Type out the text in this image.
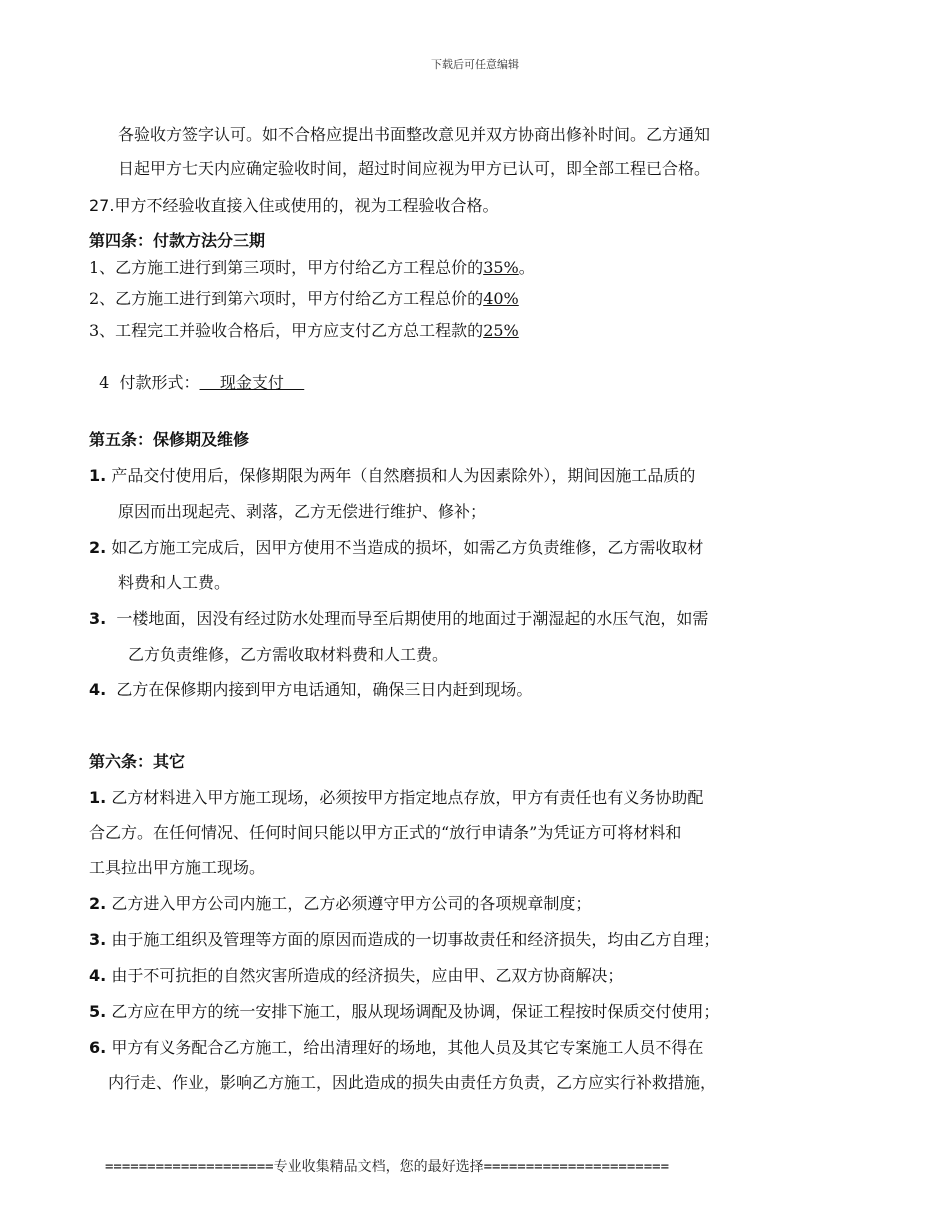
下载后可任意编辑
各验收方签字认可。如不合格应提出书面整改意见并双方协商出修补时间。乙方通知
日起甲方七天内应确定验收时间，超过时间应视为甲方已认可，即全部工程已合格。
27.甲方不经验收直接入住或使用的，视为工程验收合格。
第四条：付款方法分三期
1、乙方施工进行到第三项时，甲方付给乙方工程总价的35%。
2、乙方施工进行到第六项时，甲方付给乙方工程总价的40%
3、工程完工并验收合格后，甲方应支付乙方总工程款的25%

4  付款形式：    现金支付

第五条：保修期及维修
1. 产品交付使用后，保修期限为两年（自然磨损和人为因素除外），期间因施工品质的
原因而出现起壳、剥落，乙方无偿进行维护、修补；
2. 如乙方施工完成后，因甲方使用不当造成的损坏，如需乙方负责维修，乙方需收取材
料费和人工费。
3. 一楼地面，因没有经过防水处理而导至后期使用的地面过于潮湿起的水压气泡，如需
乙方负责维修，乙方需收取材料费和人工费。
4. 乙方在保修期内接到甲方电话通知，确保三日内赶到现场。
第六条：其它
1. 乙方材料进入甲方施工现场，必须按甲方指定地点存放，甲方有责任也有义务协助配
合乙方。在任何情况、任何时间只能以甲方正式的“放行申请条”为凭证方可将材料和
工具拉出甲方施工现场。
2. 乙方进入甲方公司内施工，乙方必须遵守甲方公司的各项规章制度；
3. 由于施工组织及管理等方面的原因而造成的一切事故责任和经济损失，均由乙方自理；
4. 由于不可抗拒的自然灾害所造成的经济损失，应由甲、乙双方协商解决；
5. 乙方应在甲方的统一安排下施工，服从现场调配及协调，保证工程按时保质交付使用；
6. 甲方有义务配合乙方施工，给出清理好的场地，其他人员及其它专案施工人员不得在
内行走、作业，影响乙方施工，因此造成的损失由责任方负责，乙方应实行补救措施，
====================专业收集精品文档，您的最好选择======================
